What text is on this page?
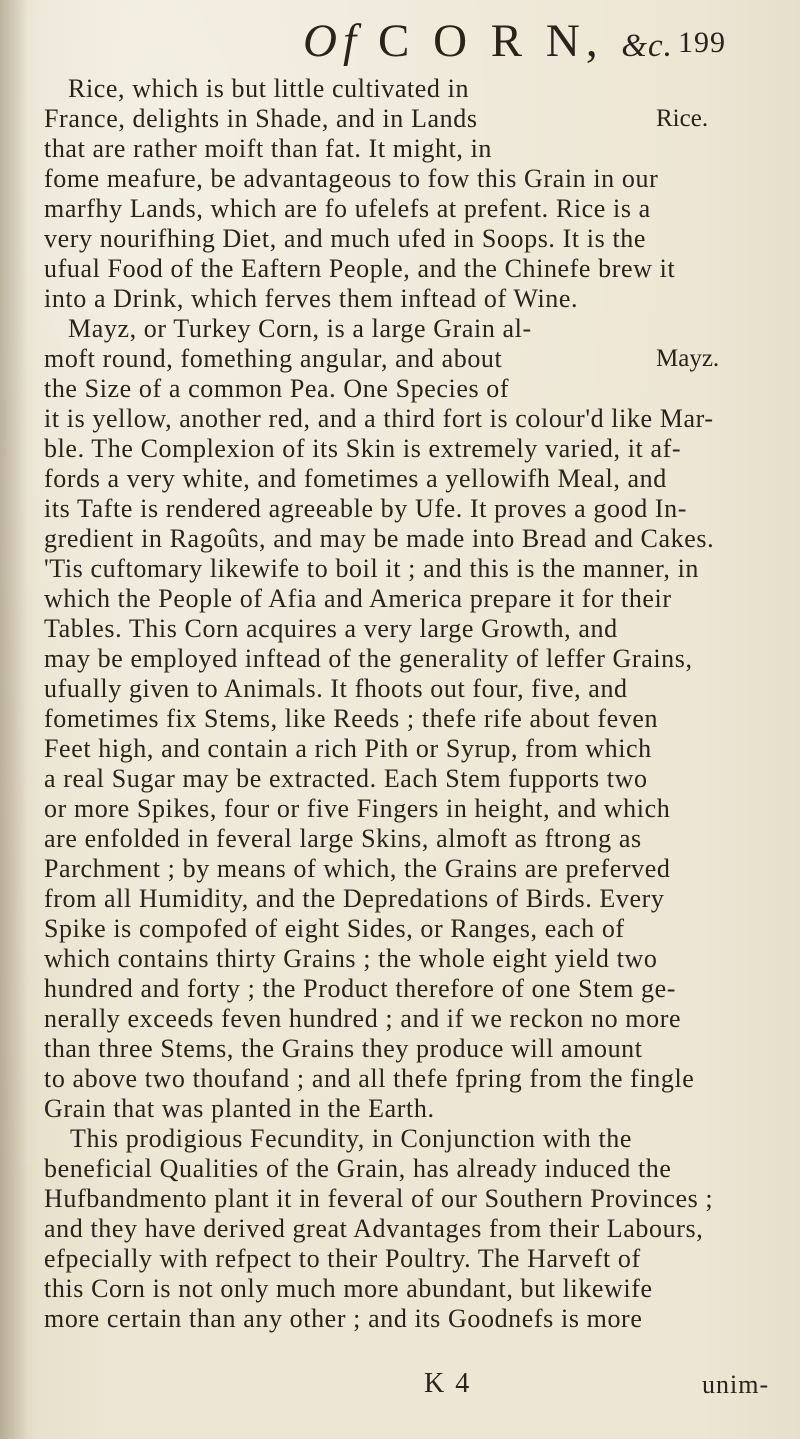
Of C O R N, &c. 199
Rice, which is but little cultivated in
France, delights in Shade, and in Lands
that are rather moift than fat. It might, in
fome meafure, be advantageous to fow this Grain in our
marfhy Lands, which are fo ufelefs at prefent. Rice is a
very nourifhing Diet, and much ufed in Soops. It is the
ufual Food of the Eaftern People, and the Chinefe brew it
into a Drink, which ferves them inftead of Wine.
Mayz, or Turkey Corn, is a large Grain al-
moft round, fomething angular, and about
the Size of a common Pea. One Species of
it is yellow, another red, and a third fort is colour'd like Mar-
ble. The Complexion of its Skin is extremely varied, it af-
fords a very white, and fometimes a yellowifh Meal, and
its Tafte is rendered agreeable by Ufe. It proves a good In-
gredient in Ragoûts, and may be made into Bread and Cakes.
'Tis cuftomary likewife to boil it ; and this is the manner, in
which the People of Afia and America prepare it for their
Tables. This Corn acquires a very large Growth, and
may be employed inftead of the generality of leffer Grains,
ufually given to Animals. It fhoots out four, five, and
fometimes fix Stems, like Reeds ; thefe rife about feven
Feet high, and contain a rich Pith or Syrup, from which
a real Sugar may be extracted. Each Stem fupports two
or more Spikes, four or five Fingers in height, and which
are enfolded in feveral large Skins, almoft as ftrong as
Parchment ; by means of which, the Grains are preferved
from all Humidity, and the Depredations of Birds. Every
Spike is compofed of eight Sides, or Ranges, each of
which contains thirty Grains ; the whole eight yield two
hundred and forty ; the Product therefore of one Stem ge-
nerally exceeds feven hundred ; and if we reckon no more
than three Stems, the Grains they produce will amount
to above two thoufand ; and all thefe fpring from the fingle
Grain that was planted in the Earth.
This prodigious Fecundity, in Conjunction with the
beneficial Qualities of the Grain, has already induced the
Hufbandmento plant it in feveral of our Southern Provinces ;
and they have derived great Advantages from their Labours,
efpecially with refpect to their Poultry. The Harveft of
this Corn is not only much more abundant, but likewife
more certain than any other ; and its Goodnefs is more
Rice.
Mayz.
K 4	unim-
